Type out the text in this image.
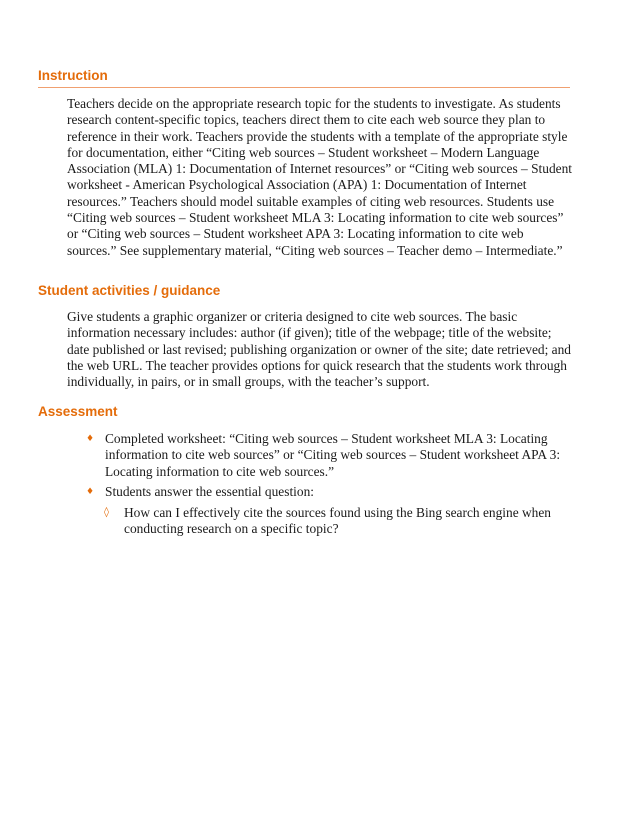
Instruction

Teachers decide on the appropriate research topic for the students to investigate. As students research content-specific topics, teachers direct them to cite each web source they plan to reference in their work. Teachers provide the students with a template of the appropriate style for documentation, either “Citing web sources – Student worksheet – Modern Language Association (MLA) 1: Documentation of Internet resources” or “Citing web sources – Student worksheet - American Psychological Association (APA) 1: Documentation of Internet resources.” Teachers should model suitable examples of citing web resources. Students use “Citing web sources – Student worksheet MLA 3: Locating information to cite web sources” or “Citing web sources – Student worksheet APA 3: Locating information to cite web sources.” See supplementary material, “Citing web sources – Teacher demo – Intermediate.”

Student activities / guidance

Give students a graphic organizer or criteria designed to cite web sources. The basic information necessary includes: author (if given); title of the webpage; title of the website; date published or last revised; publishing organization or owner of the site; date retrieved; and the web URL. The teacher provides options for quick research that the students work through individually, in pairs, or in small groups, with the teacher’s support.

Assessment
♦ Completed worksheet: “Citing web sources – Student worksheet MLA 3: Locating information to cite web sources” or “Citing web sources – Student worksheet APA 3: Locating information to cite web sources.”
♦ Students answer the essential question:
◊	How can I effectively cite the sources found using the Bing search engine when conducting research on a specific topic?
